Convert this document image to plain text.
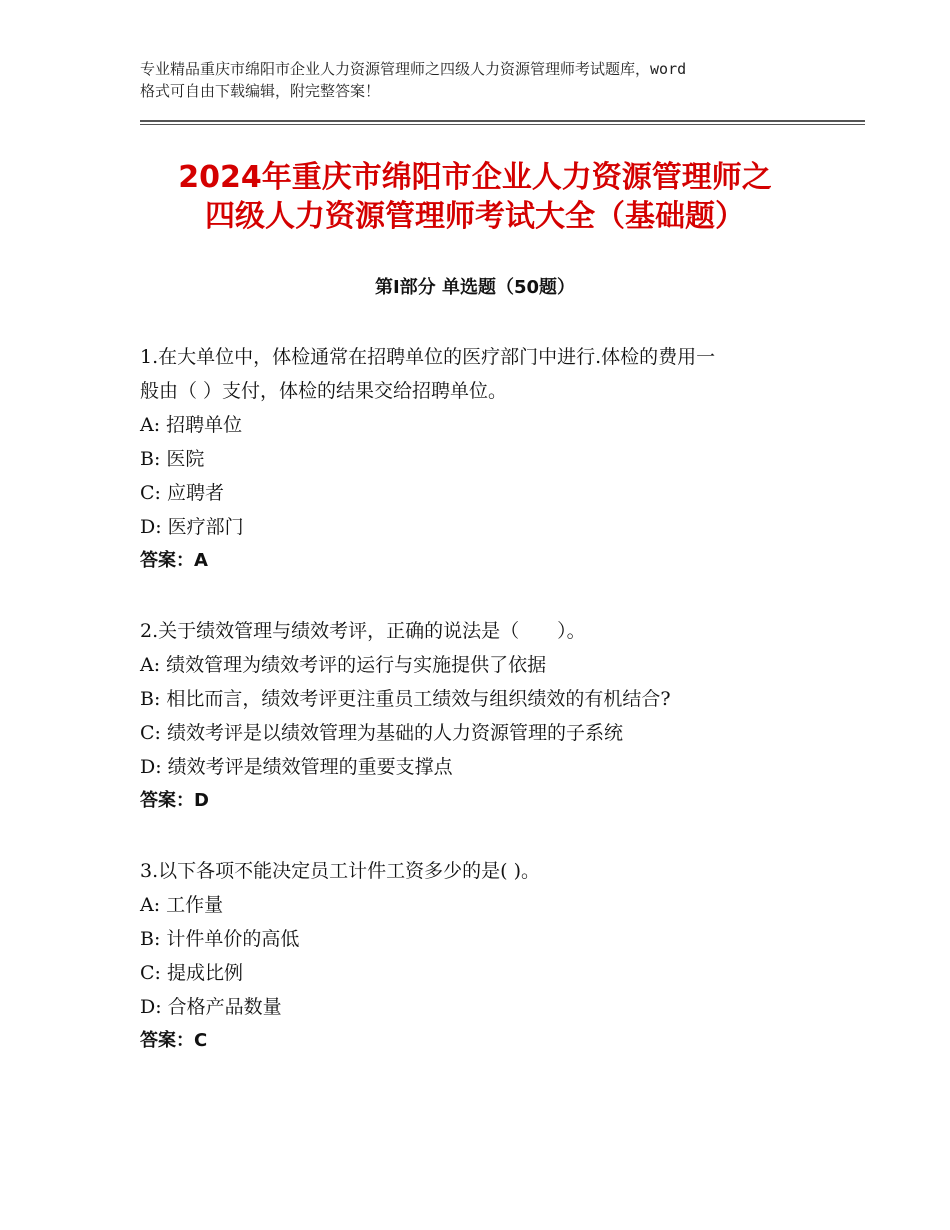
专业精品重庆市绵阳市企业人力资源管理师之四级人力资源管理师考试题库，word
格式可自由下载编辑，附完整答案！
2024年重庆市绵阳市企业人力资源管理师之
四级人力资源管理师考试大全（基础题）
第Ⅰ部分 单选题（50题）
1.在大单位中，体检通常在招聘单位的医疗部门中进行.体检的费用一
般由（ ）支付，体检的结果交给招聘单位。
A: 招聘单位
B: 医院
C: 应聘者
D: 医疗部门
答案：A
2.关于绩效管理与绩效考评，正确的说法是（　　）。
A: 绩效管理为绩效考评的运行与实施提供了依据
B: 相比而言，绩效考评更注重员工绩效与组织绩效的有机结合?
C: 绩效考评是以绩效管理为基础的人力资源管理的子系统
D: 绩效考评是绩效管理的重要支撑点
答案：D
3.以下各项不能决定员工计件工资多少的是( )。
A: 工作量
B: 计件单价的高低
C: 提成比例
D: 合格产品数量
答案：C
